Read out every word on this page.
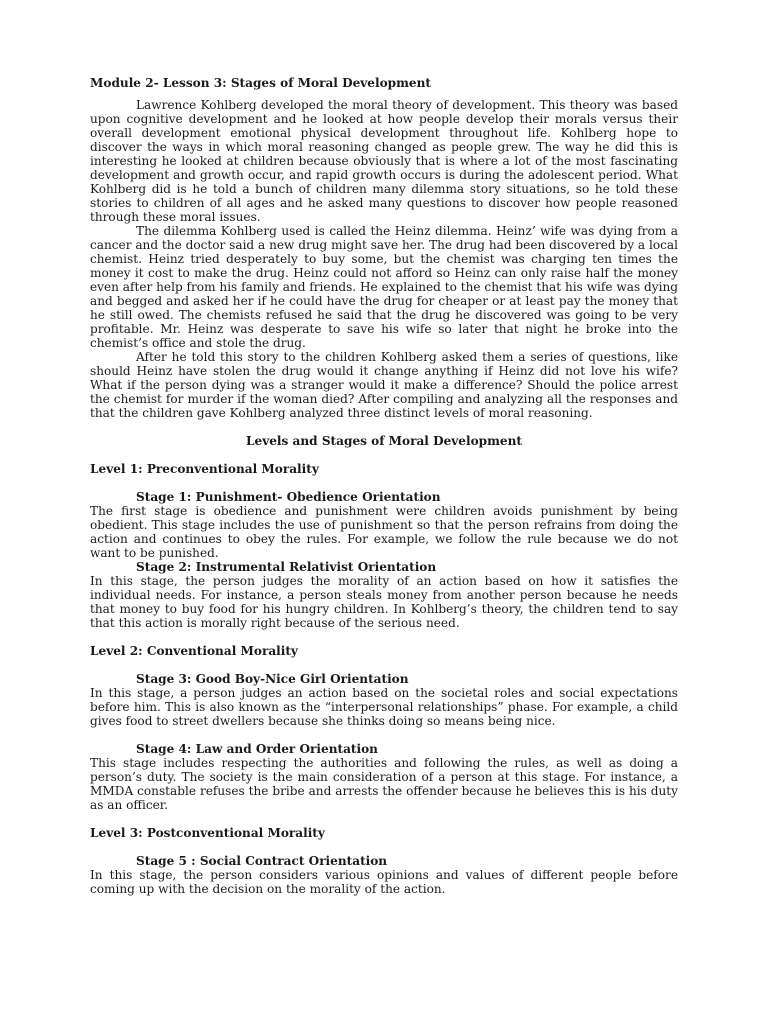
Module 2- Lesson 3: Stages of Moral Development

Lawrence Kohlberg developed the moral theory of development. This theory was based upon cognitive development and he looked at how people develop their morals versus their overall development emotional physical development throughout life. Kohlberg hope to discover the ways in which moral reasoning changed as people grew. The way he did this is interesting he looked at children because obviously that is where a lot of the most fascinating development and growth occur, and rapid growth occurs is during the adolescent period. What Kohlberg did is he told a bunch of children many dilemma story situations, so he told these stories to children of all ages and he asked many questions to discover how people reasoned through these moral issues.

The dilemma Kohlberg used is called the Heinz dilemma. Heinz’ wife was dying from a cancer and the doctor said a new drug might save her. The drug had been discovered by a local chemist. Heinz tried desperately to buy some, but the chemist was charging ten times the money it cost to make the drug. Heinz could not afford so Heinz can only raise half the money even after help from his family and friends. He explained to the chemist that his wife was dying and begged and asked her if he could have the drug for cheaper or at least pay the money that he still owed. The chemists refused he said that the drug he discovered was going to be very profitable. Mr. Heinz was desperate to save his wife so later that night he broke into the chemist’s office and stole the drug.

After he told this story to the children Kohlberg asked them a series of questions, like should Heinz have stolen the drug would it change anything if Heinz did not love his wife? What if the person dying was a stranger would it make a difference? Should the police arrest the chemist for murder if the woman died? After compiling and analyzing all the responses and that the children gave Kohlberg analyzed three distinct levels of moral reasoning.

Levels and Stages of Moral Development
Level 1: Preconventional Morality
Stage 1: Punishment- Obedience Orientation

The first stage is obedience and punishment were children avoids punishment by being obedient. This stage includes the use of punishment so that the person refrains from doing the action and continues to obey the rules. For example, we follow the rule because we do not want to be punished.

Stage 2: Instrumental Relativist Orientation

In this stage, the person judges the morality of an action based on how it satisfies the individual needs. For instance, a person steals money from another person because he needs that money to buy food for his hungry children. In Kohlberg’s theory, the children tend to say that this action is morally right because of the serious need.

Level 2: Conventional Morality
Stage 3: Good Boy-Nice Girl Orientation

In this stage, a person judges an action based on the societal roles and social expectations before him. This is also known as the “interpersonal relationships” phase. For example, a child gives food to street dwellers because she thinks doing so means being nice.

Stage 4: Law and Order Orientation

This stage includes respecting the authorities and following the rules, as well as doing a person’s duty. The society is the main consideration of a person at this stage. For instance, a MMDA constable refuses the bribe and arrests the offender because he believes this is his duty as an officer.

Level 3: Postconventional Morality
Stage 5 : Social Contract Orientation

In this stage, the person considers various opinions and values of different people before coming up with the decision on the morality of the action.
